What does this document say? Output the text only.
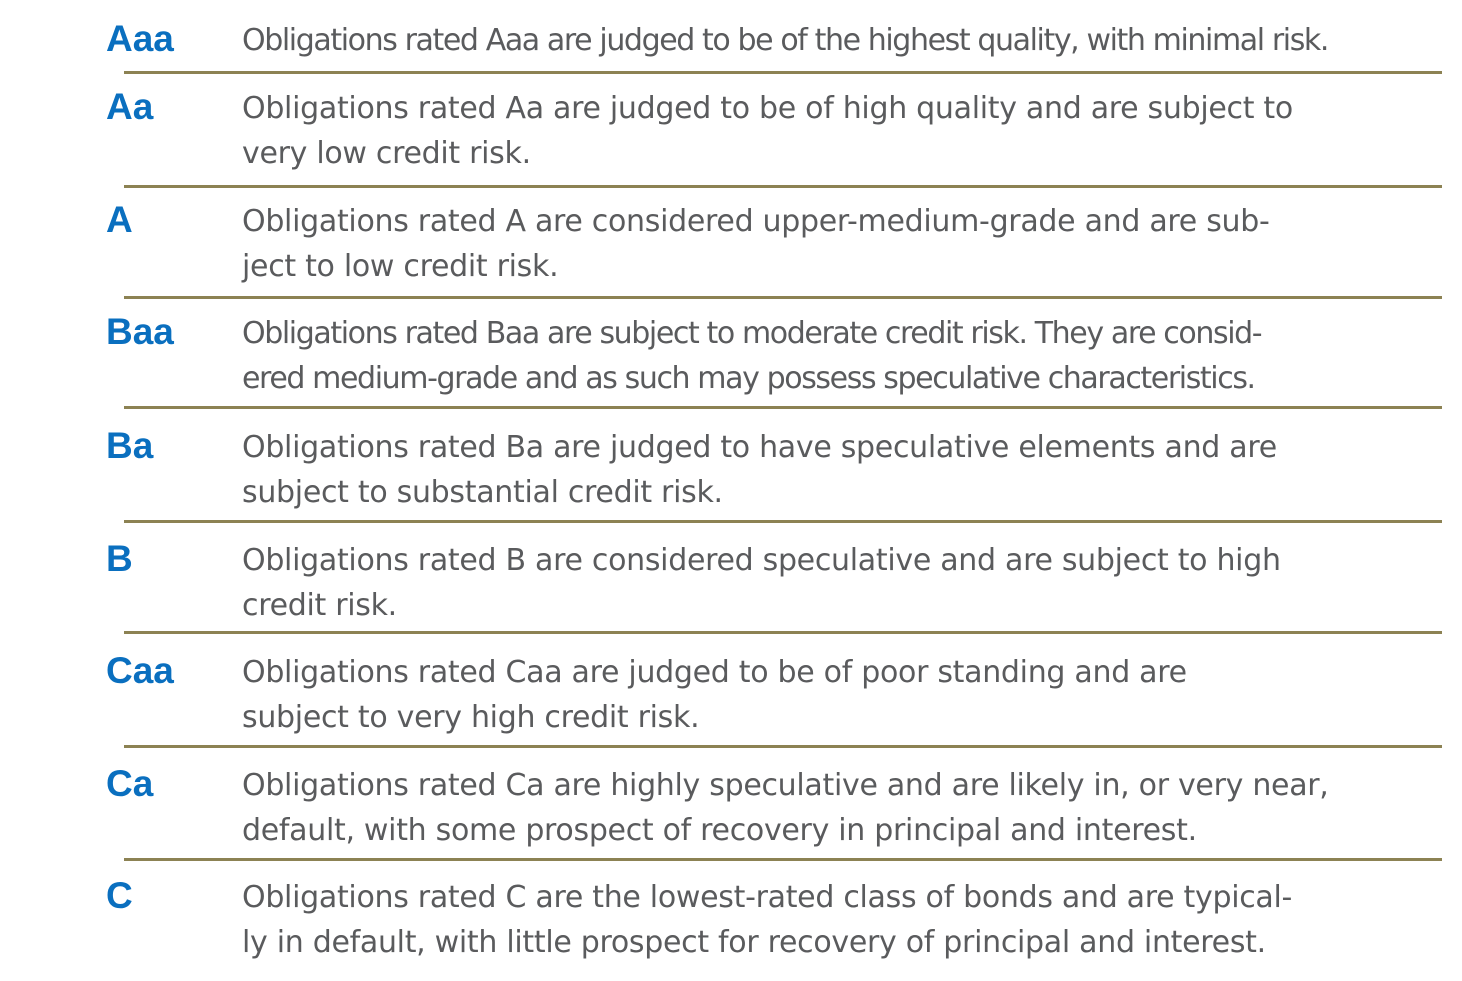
Aaa Obligations rated Aaa are judged to be of the highest quality, with minimal risk.
Aa	Obligations rated Aa are judged to be of high quality and are subject to
very low credit risk.
A	Obligations rated A are considered upper-medium-grade and are sub-
ject to low credit risk.
Baa Obligations rated Baa are subject to moderate credit risk. They are consid-
ered medium-grade and as such may possess speculative characteristics.
Ba	Obligations rated Ba are judged to have speculative elements and are
subject to substantial credit risk.
B	Obligations rated B are considered speculative and are subject to high
credit risk.
Caa Obligations rated Caa are judged to be of poor standing and are
subject to very high credit risk.
Ca	Obligations rated Ca are highly speculative and are likely in, or very near,
default, with some prospect of recovery in principal and interest.
C	Obligations rated C are the lowest-rated class of bonds and are typical-
ly in default, with little prospect for recovery of principal and interest.
